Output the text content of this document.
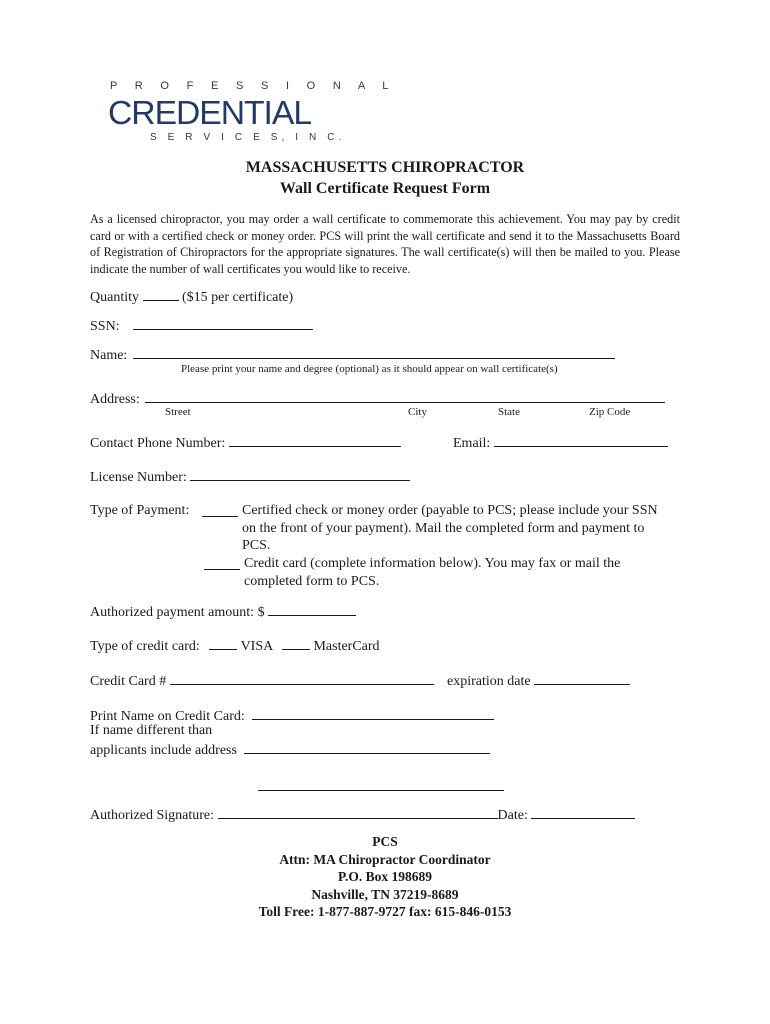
P R O F E S S I O N A L
CREDENTIAL
S E R V I C E S, I N C.
MASSACHUSETTS CHIROPRACTOR
Wall Certificate Request Form
As a licensed chiropractor, you may order a wall certificate to commemorate this achievement. You may pay by credit card or with a certified check or money order. PCS will print the wall certificate and send it to the Massachusetts Board of Registration of Chiropractors for the appropriate signatures. The wall certificate(s) will then be mailed to you. Please indicate the number of wall certificates you would like to receive.
Quantity	($15 per certificate)
SSN:
Name:
Please print your name and degree (optional) as it should appear on wall certificate(s)
Address:
Street	City	State	Zip Code
Contact Phone Number:	Email:
License Number:
Type of Payment:	Certified check or money order (payable to PCS; please include your SSN on the front of your payment). Mail the completed form and payment to PCS.
Credit card (complete information below). You may fax or mail the completed form to PCS.
Authorized payment amount: $
Type of credit card:	VISA	MasterCard
Credit Card #	expiration date
Print Name on Credit Card:
If name different than
applicants include address
Authorized Signature:	Date:
PCS
Attn: MA Chiropractor Coordinator
P.O. Box 198689
Nashville, TN 37219-8689
Toll Free: 1-877-887-9727 fax: 615-846-0153
